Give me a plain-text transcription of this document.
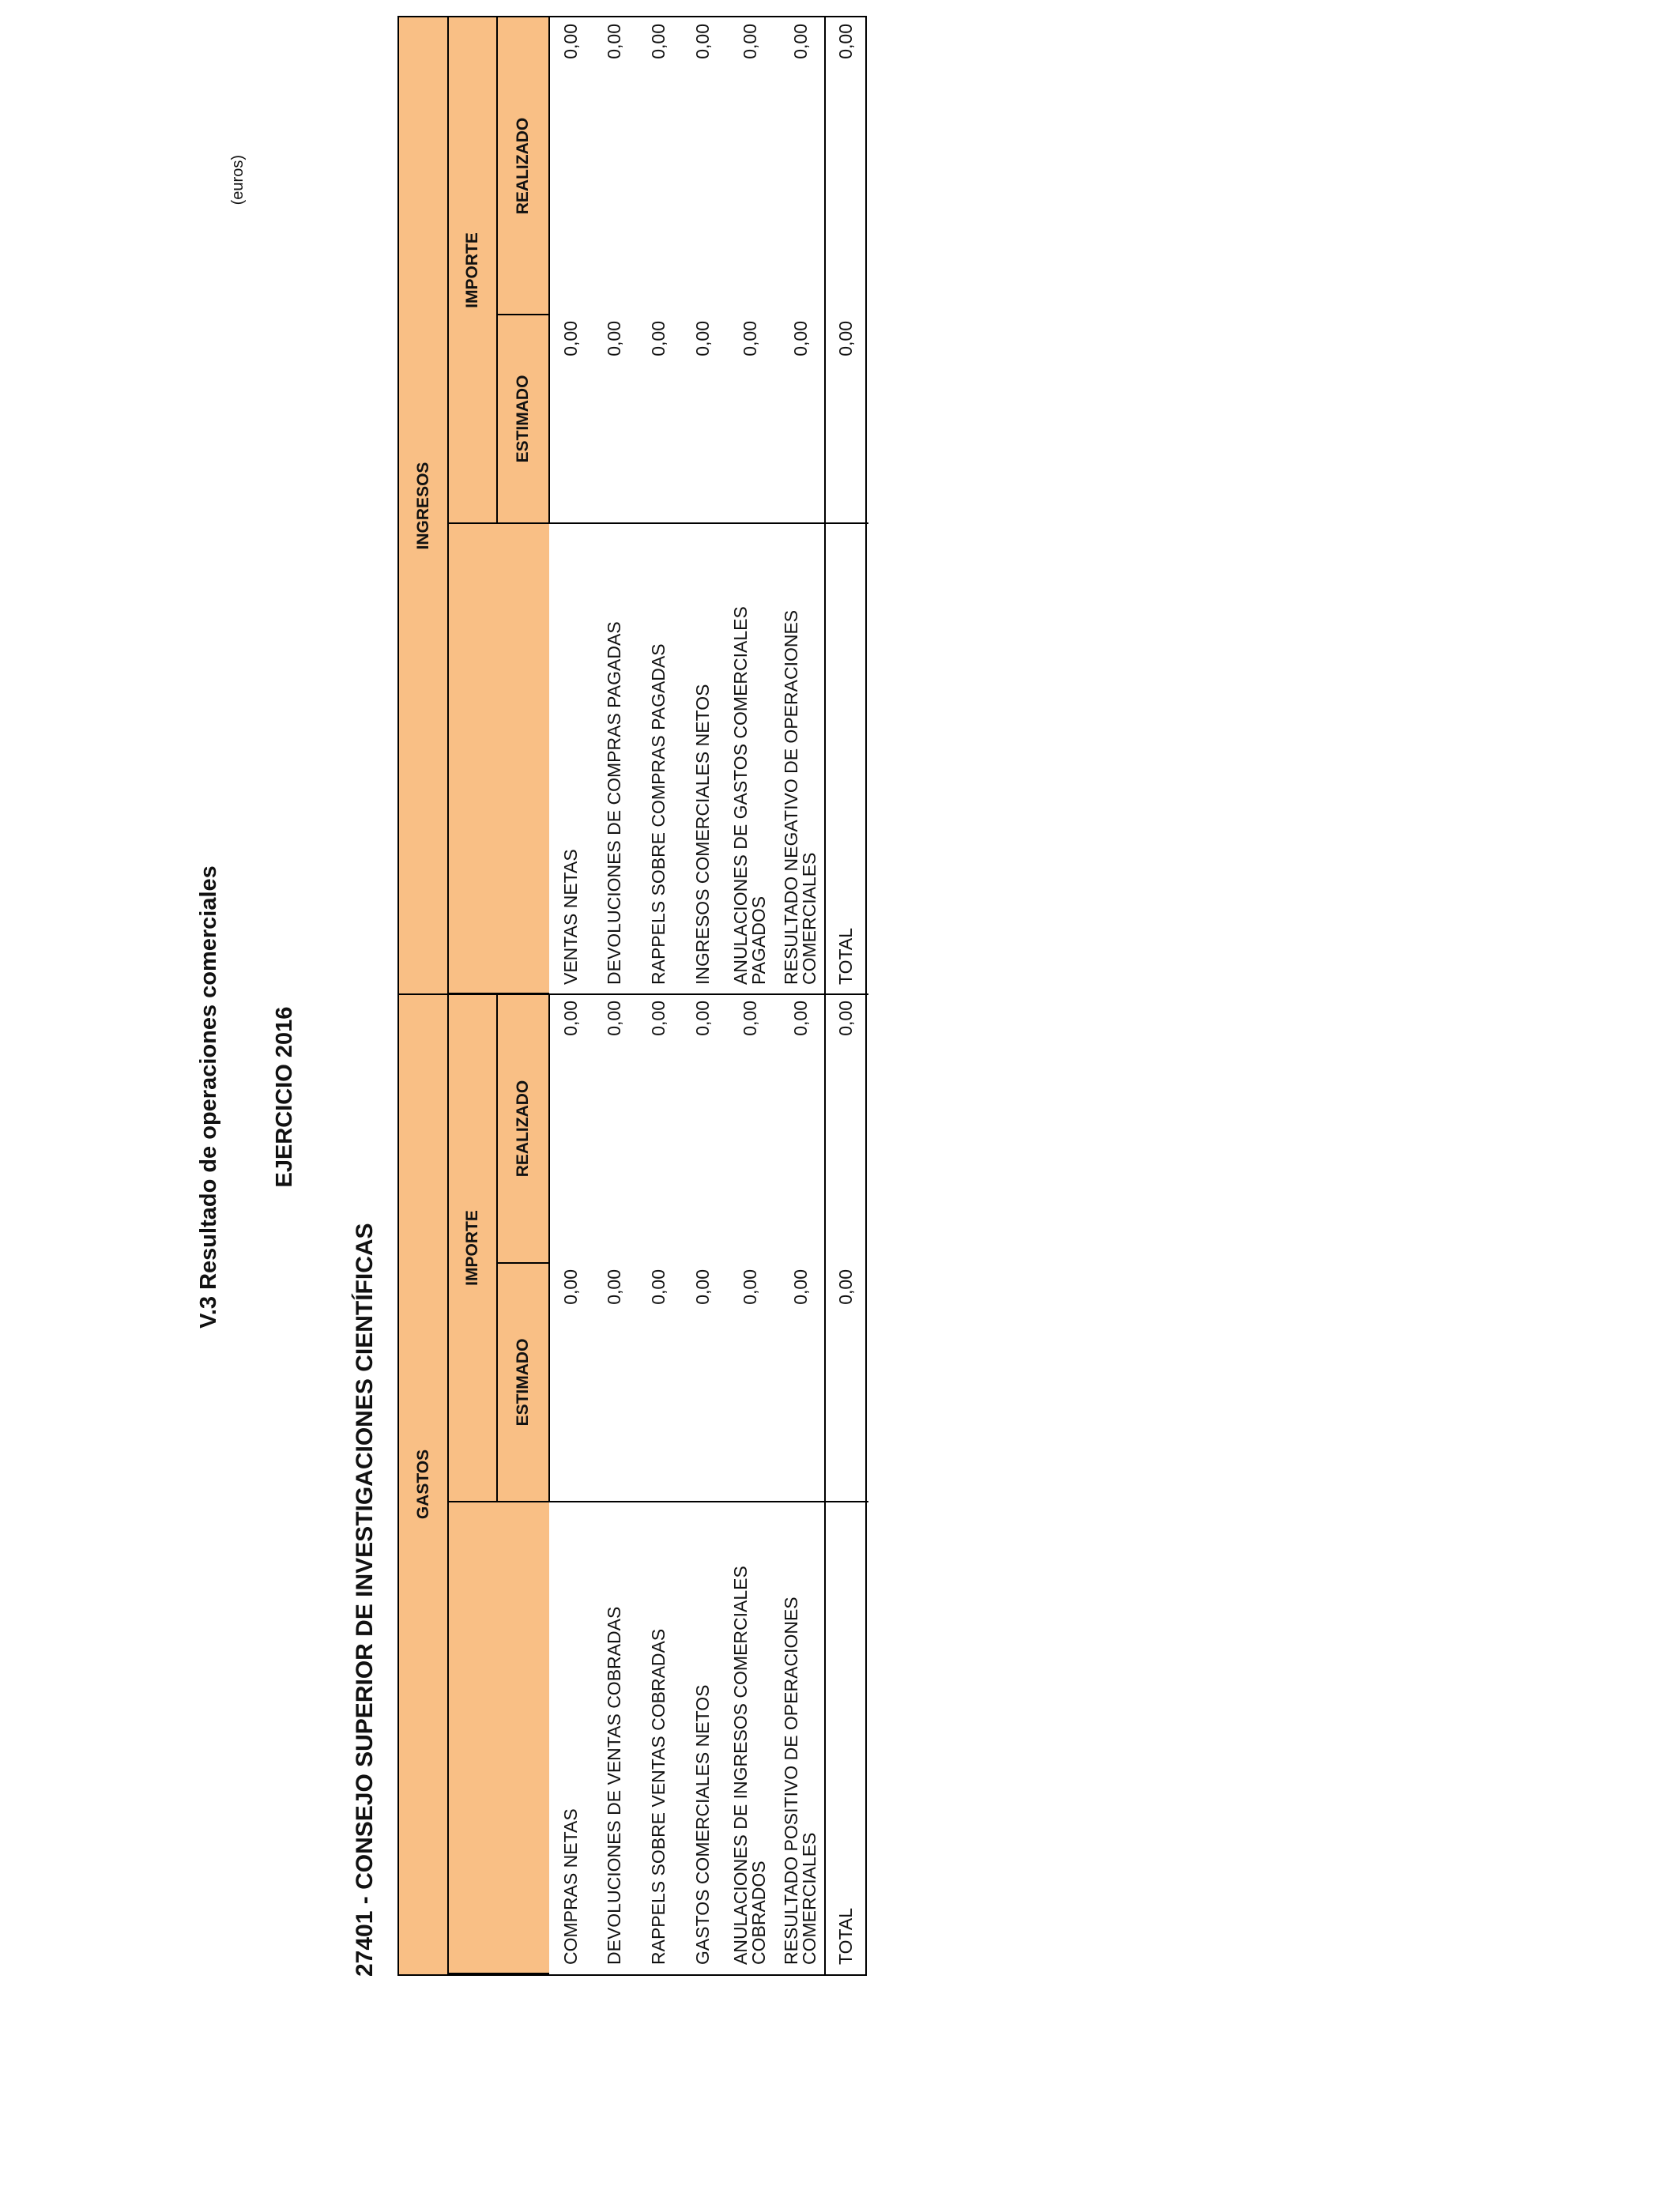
V.3 Resultado de operaciones comerciales EJERCICIO 2016
27401 - CONSEJO SUPERIOR DE INVESTIGACIONES CIENTÍFICAS
(euros)
GASTOS
IMPORTE
ESTIMADO
REALIZADO
INGRESOS
IMPORTE
ESTIMADO
REALIZADO
COMPRAS NETAS
0,00
0,00
DEVOLUCIONES DE VENTAS COBRADAS
0,00
0,00
RAPPELS SOBRE VENTAS COBRADAS
0,00
0,00
GASTOS COMERCIALES NETOS
0,00
0,00
ANULACIONES DE INGRESOS COMERCIALES COBRADOS
0,00
0,00
RESULTADO POSITIVO DE OPERACIONES COMERCIALES
0,00
0,00
TOTAL
0,00
0,00
VENTAS NETAS
0,00
0,00
DEVOLUCIONES DE COMPRAS PAGADAS
0,00
0,00
RAPPELS SOBRE COMPRAS PAGADAS
0,00
0,00
INGRESOS COMERCIALES NETOS
0,00
0,00
ANULACIONES DE GASTOS COMERCIALES PAGADOS
0,00
0,00
RESULTADO NEGATIVO DE OPERACIONES COMERCIALES
0,00
0,00
TOTAL
0,00
0,00
